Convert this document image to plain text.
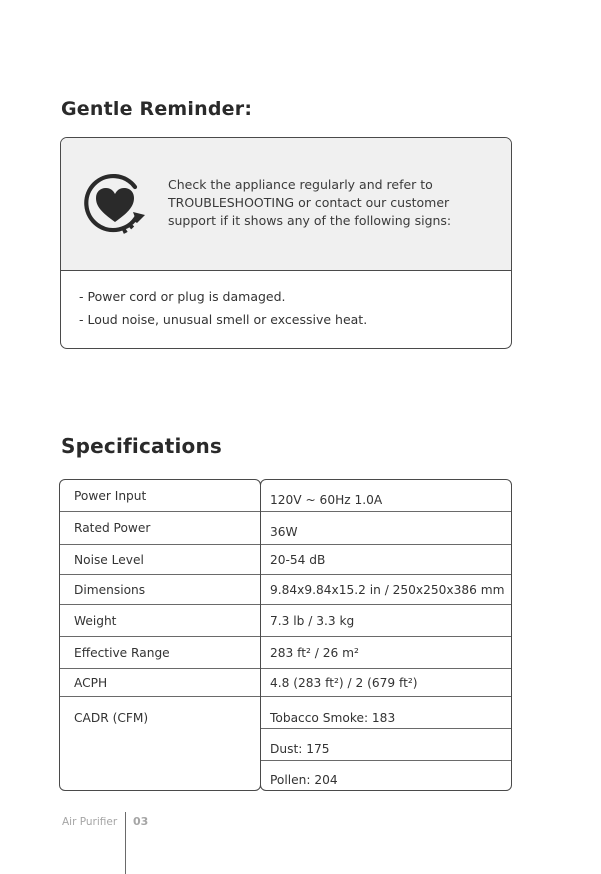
Gentle Reminder:
Check the appliance regularly and refer to
TROUBLESHOOTING or contact our customer
support if it shows any of the following signs:
- Power cord or plug is damaged.
- Loud noise, unusual smell or excessive heat.
Specifications
Power Input
Rated Power
Noise Level
Dimensions
Weight
Effective Range
ACPH
CADR (CFM)
120V ~ 60Hz 1.0A
36W
20-54 dB
9.84x9.84x15.2 in / 250x250x386 mm
7.3 lb / 3.3 kg
283 ft² / 26 m²
4.8 (283 ft²) / 2 (679 ft²)
Tobacco Smoke: 183
Dust: 175
Pollen: 204
Air Purifier 03
